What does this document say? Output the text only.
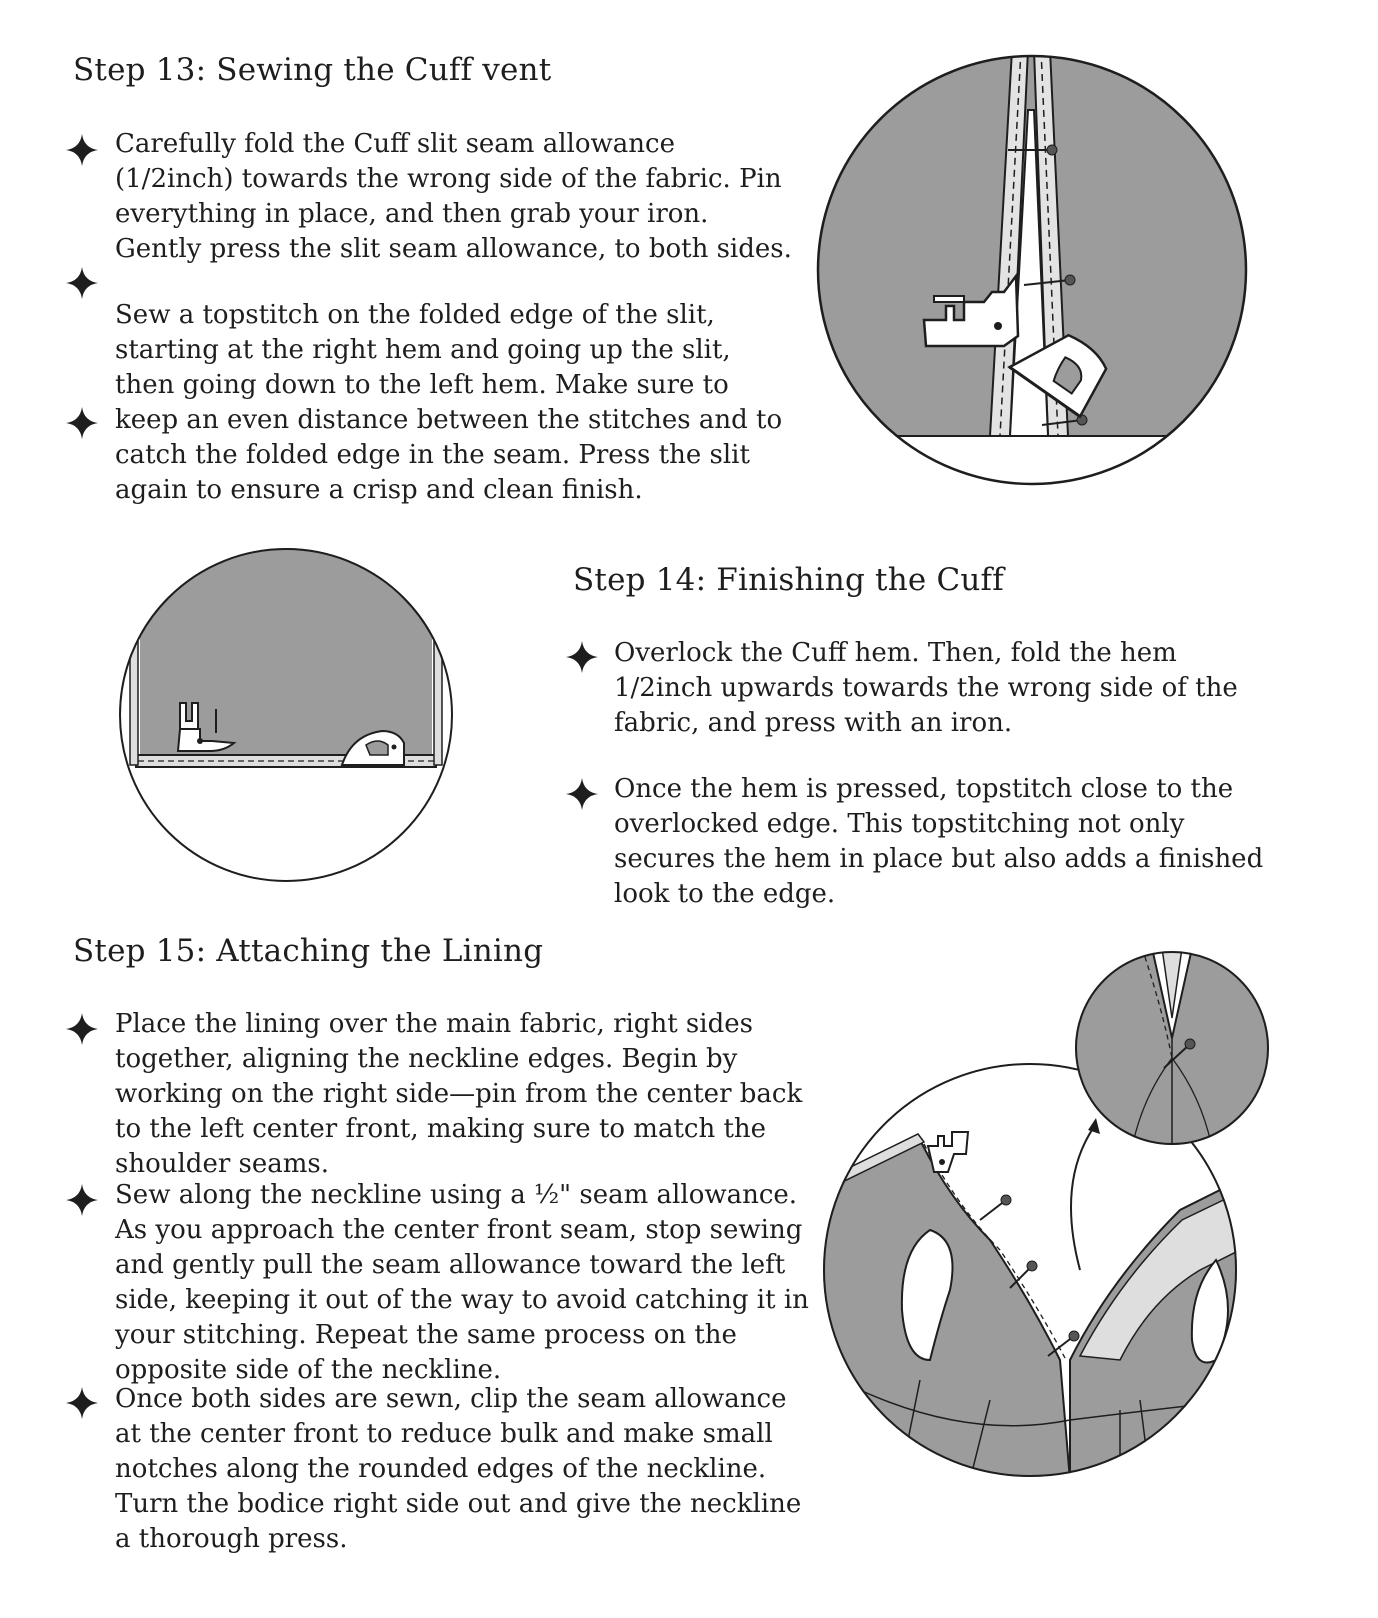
Step 13: Sewing the Cuff vent

Carefully fold the Cuff slit seam allowance (1/2inch) towards the wrong side of the fabric. Pin everything in place, and then grab your iron. Gently press the slit seam allowance, to both sides.

Sew a topstitch on the folded edge of the slit, starting at the right hem and going up the slit, then going down to the left hem. Make sure to keep an even distance between the stitches and to catch the folded edge in the seam. Press the slit again to ensure a crisp and clean finish.

Step 14: Finishing the Cuff

Overlock the Cuff hem. Then, fold the hem 1/2inch upwards towards the wrong side of the fabric, and press with an iron.

Once the hem is pressed, topstitch close to the overlocked edge. This topstitching not only secures the hem in place but also adds a finished look to the edge.

Step 15: Attaching the Lining

Place the lining over the main fabric, right sides together, aligning the neckline edges. Begin by working on the right side—pin from the center back to the left center front, making sure to match the shoulder seams.

Sew along the neckline using a ½" seam allowance. As you approach the center front seam, stop sewing and gently pull the seam allowance toward the left side, keeping it out of the way to avoid catching it in your stitching. Repeat the same process on the opposite side of the neckline.

Once both sides are sewn, clip the seam allowance at the center front to reduce bulk and make small notches along the rounded edges of the neckline. Turn the bodice right side out and give the neckline a thorough press.
